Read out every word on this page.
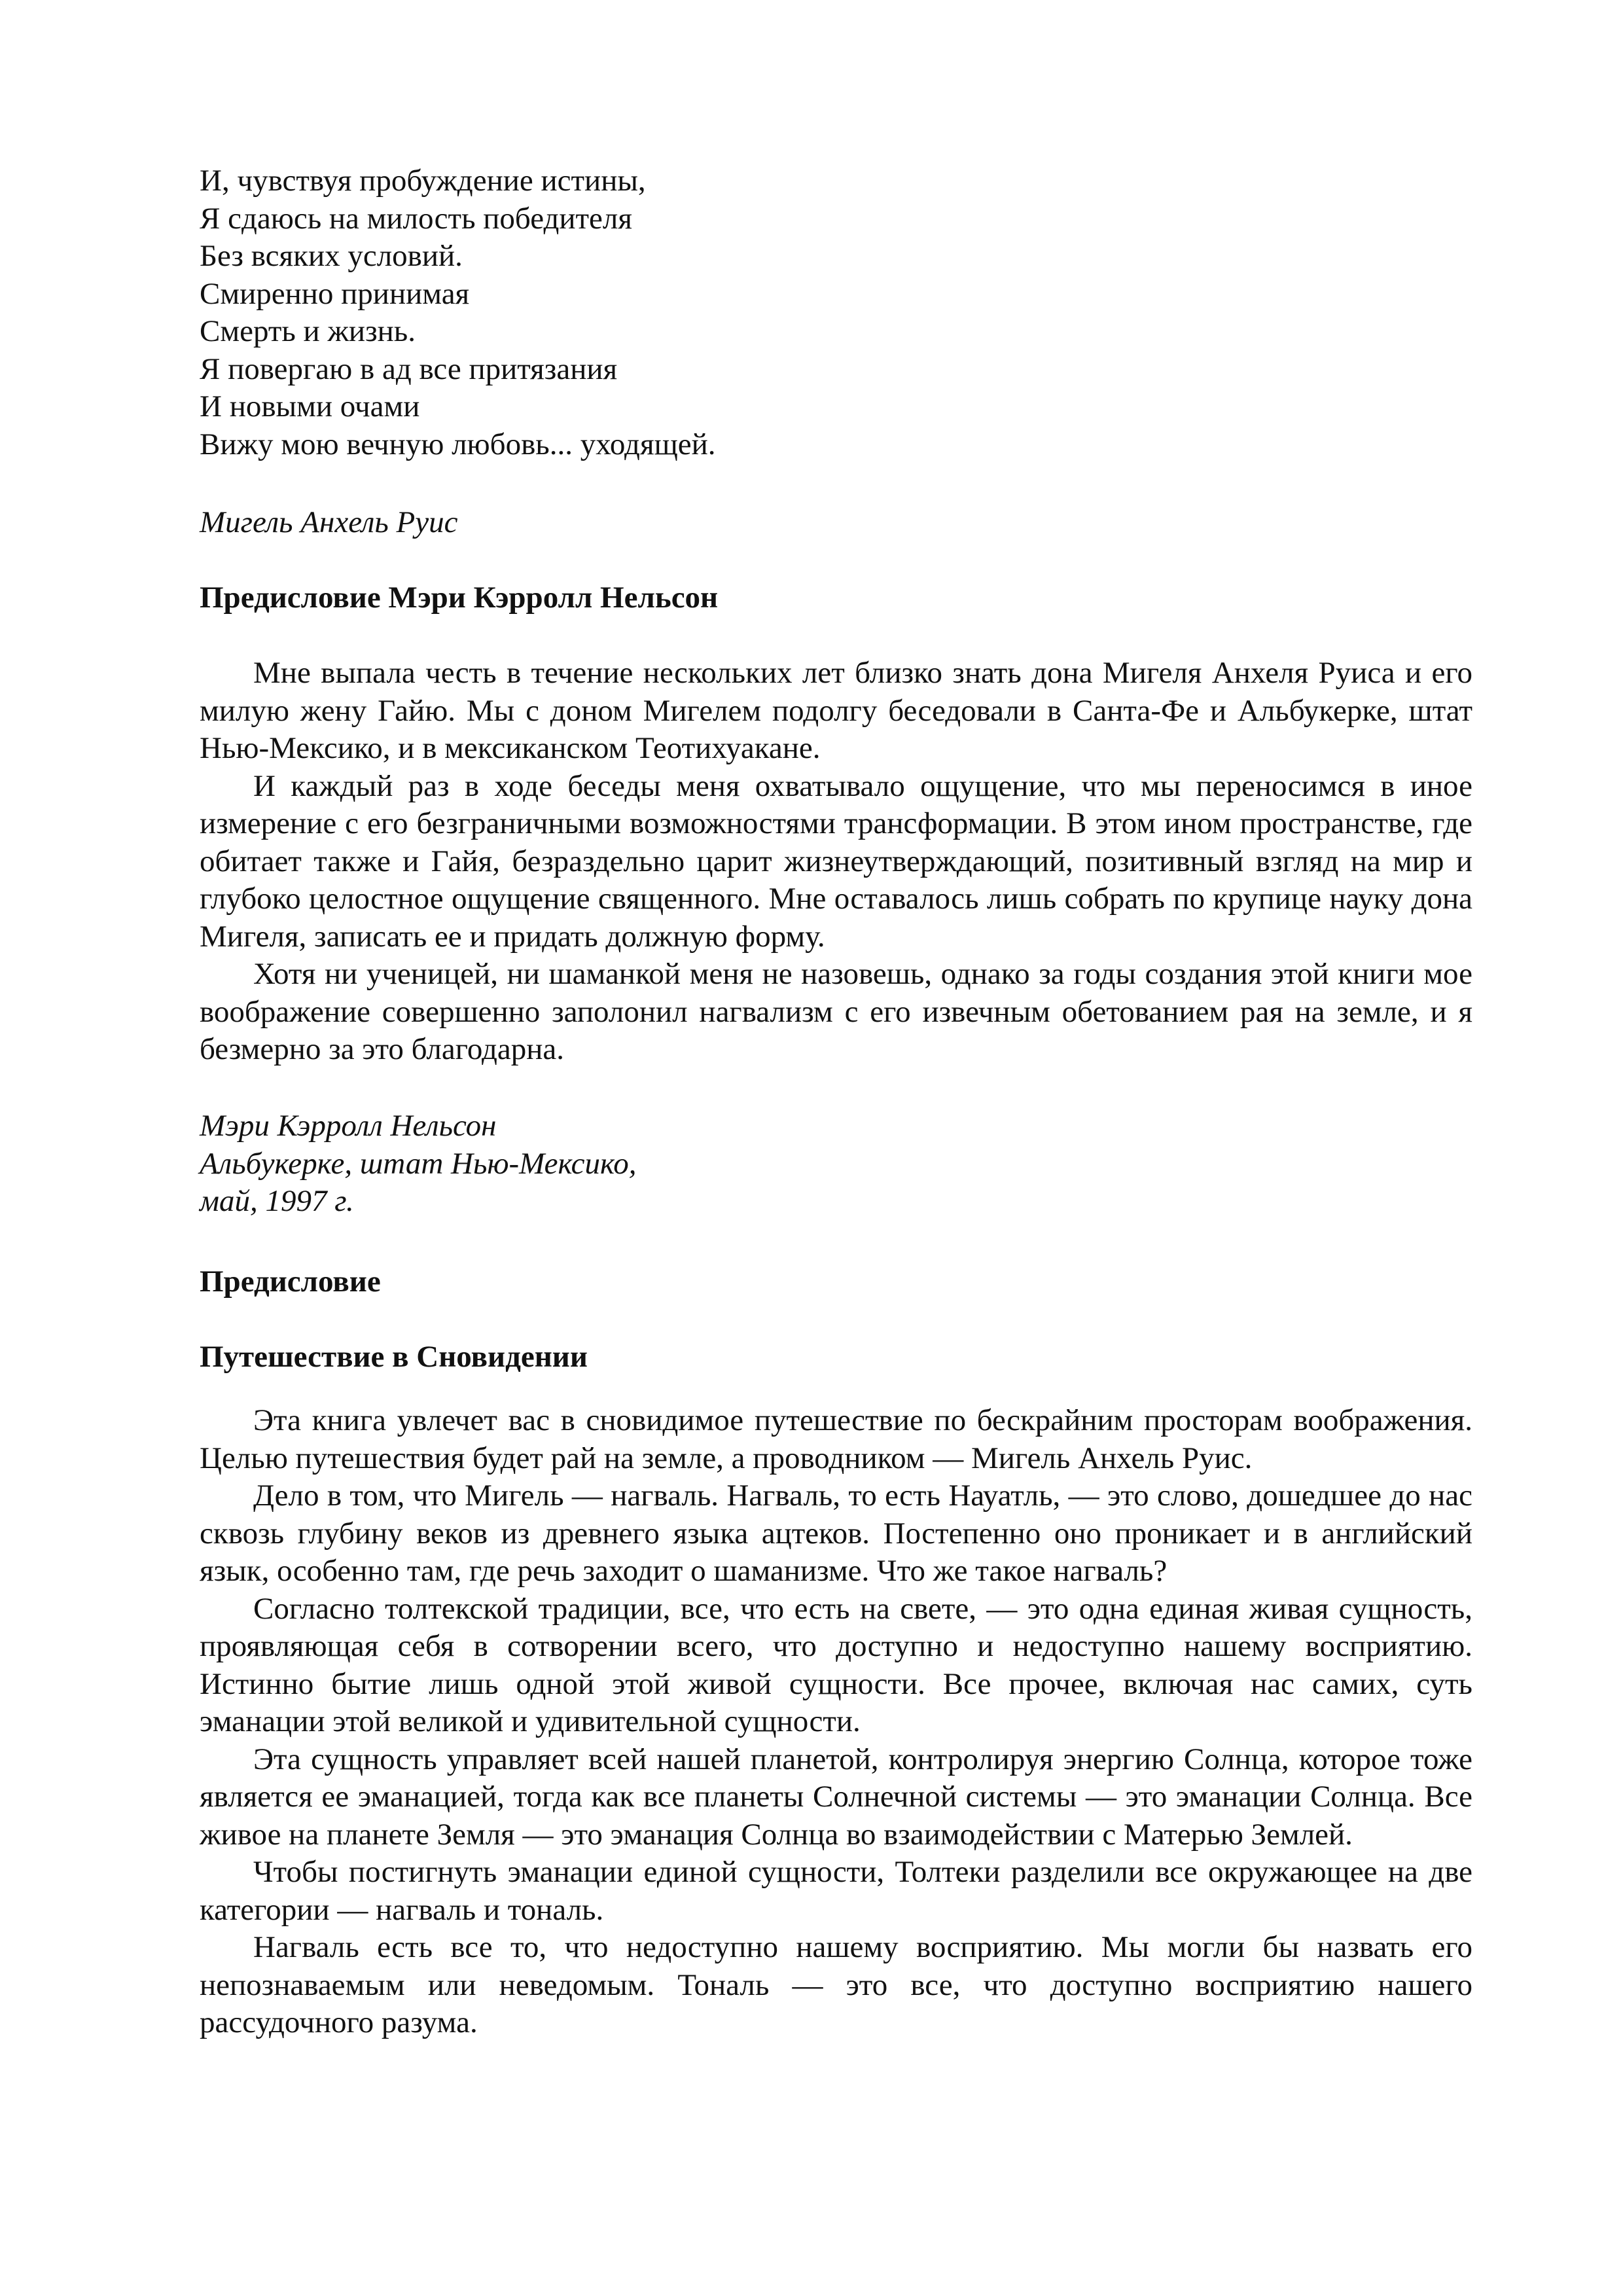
И, чувствуя пробуждение истины,
Я сдаюсь на милость победителя
Без всяких условий.
Смиренно принимая
Смерть и жизнь.
Я повергаю в ад все притязания
И новыми очами
Вижу мою вечную любовь... уходящей.
Мигель Анхель Руис
Предисловие Мэри Кэрролл Нельсон

Мне выпала честь в течение нескольких лет близко знать дона Мигеля Анхеля Руиса и его милую жену Гайю. Мы с доном Мигелем подолгу беседовали в Санта-Фе и Альбукерке, штат Нью-Мексико, и в мексиканском Теотихуакане.

И каждый раз в ходе беседы меня охватывало ощущение, что мы переносимся в иное измерение с его безграничными возможностями трансформации. В этом ином пространстве, где обитает также и Гайя, безраздельно царит жизнеутверждающий, позитивный взгляд на мир и глубоко целостное ощущение священного. Мне оставалось лишь собрать по крупице науку дона Мигеля, записать ее и придать должную форму.

Хотя ни ученицей, ни шаманкой меня не назовешь, однако за годы создания этой книги мое воображение совершенно заполонил нагвализм с его извечным обетованием рая на земле, и я безмерно за это благодарна.

Мэри Кэрролл Нельсон
Альбукерке, штат Нью-Мексико,
май, 1997 г.
Предисловие
Путешествие в Сновидении

Эта книга увлечет вас в сновидимое путешествие по бескрайним просторам воображения. Целью путешествия будет рай на земле, а проводником — Мигель Анхель Руис.

Дело в том, что Мигель — нагваль. Нагваль, то есть Науатль, — это слово, дошедшее до нас сквозь глубину веков из древнего языка ацтеков. Постепенно оно проникает и в английский язык, особенно там, где речь заходит о шаманизме. Что же такое нагваль?

Согласно толтекской традиции, все, что есть на свете, — это одна единая живая сущность, проявляющая себя в сотворении всего, что доступно и недоступно нашему восприятию. Истинно бытие лишь одной этой живой сущности. Все прочее, включая нас самих, суть эманации этой великой и удивительной сущности.

Эта сущность управляет всей нашей планетой, контролируя энергию Солнца, которое тоже является ее эманацией, тогда как все планеты Солнечной системы — это эманации Солнца. Все живое на планете Земля — это эманация Солнца во взаимодействии с Матерью Землей.

Чтобы постигнуть эманации единой сущности, Толтеки разделили все окружающее на две категории — нагваль и тональ.

Нагваль есть все то, что недоступно нашему восприятию. Мы могли бы назвать его непознаваемым или неведомым. Тональ — это все, что доступно восприятию нашего рассудочного разума.
